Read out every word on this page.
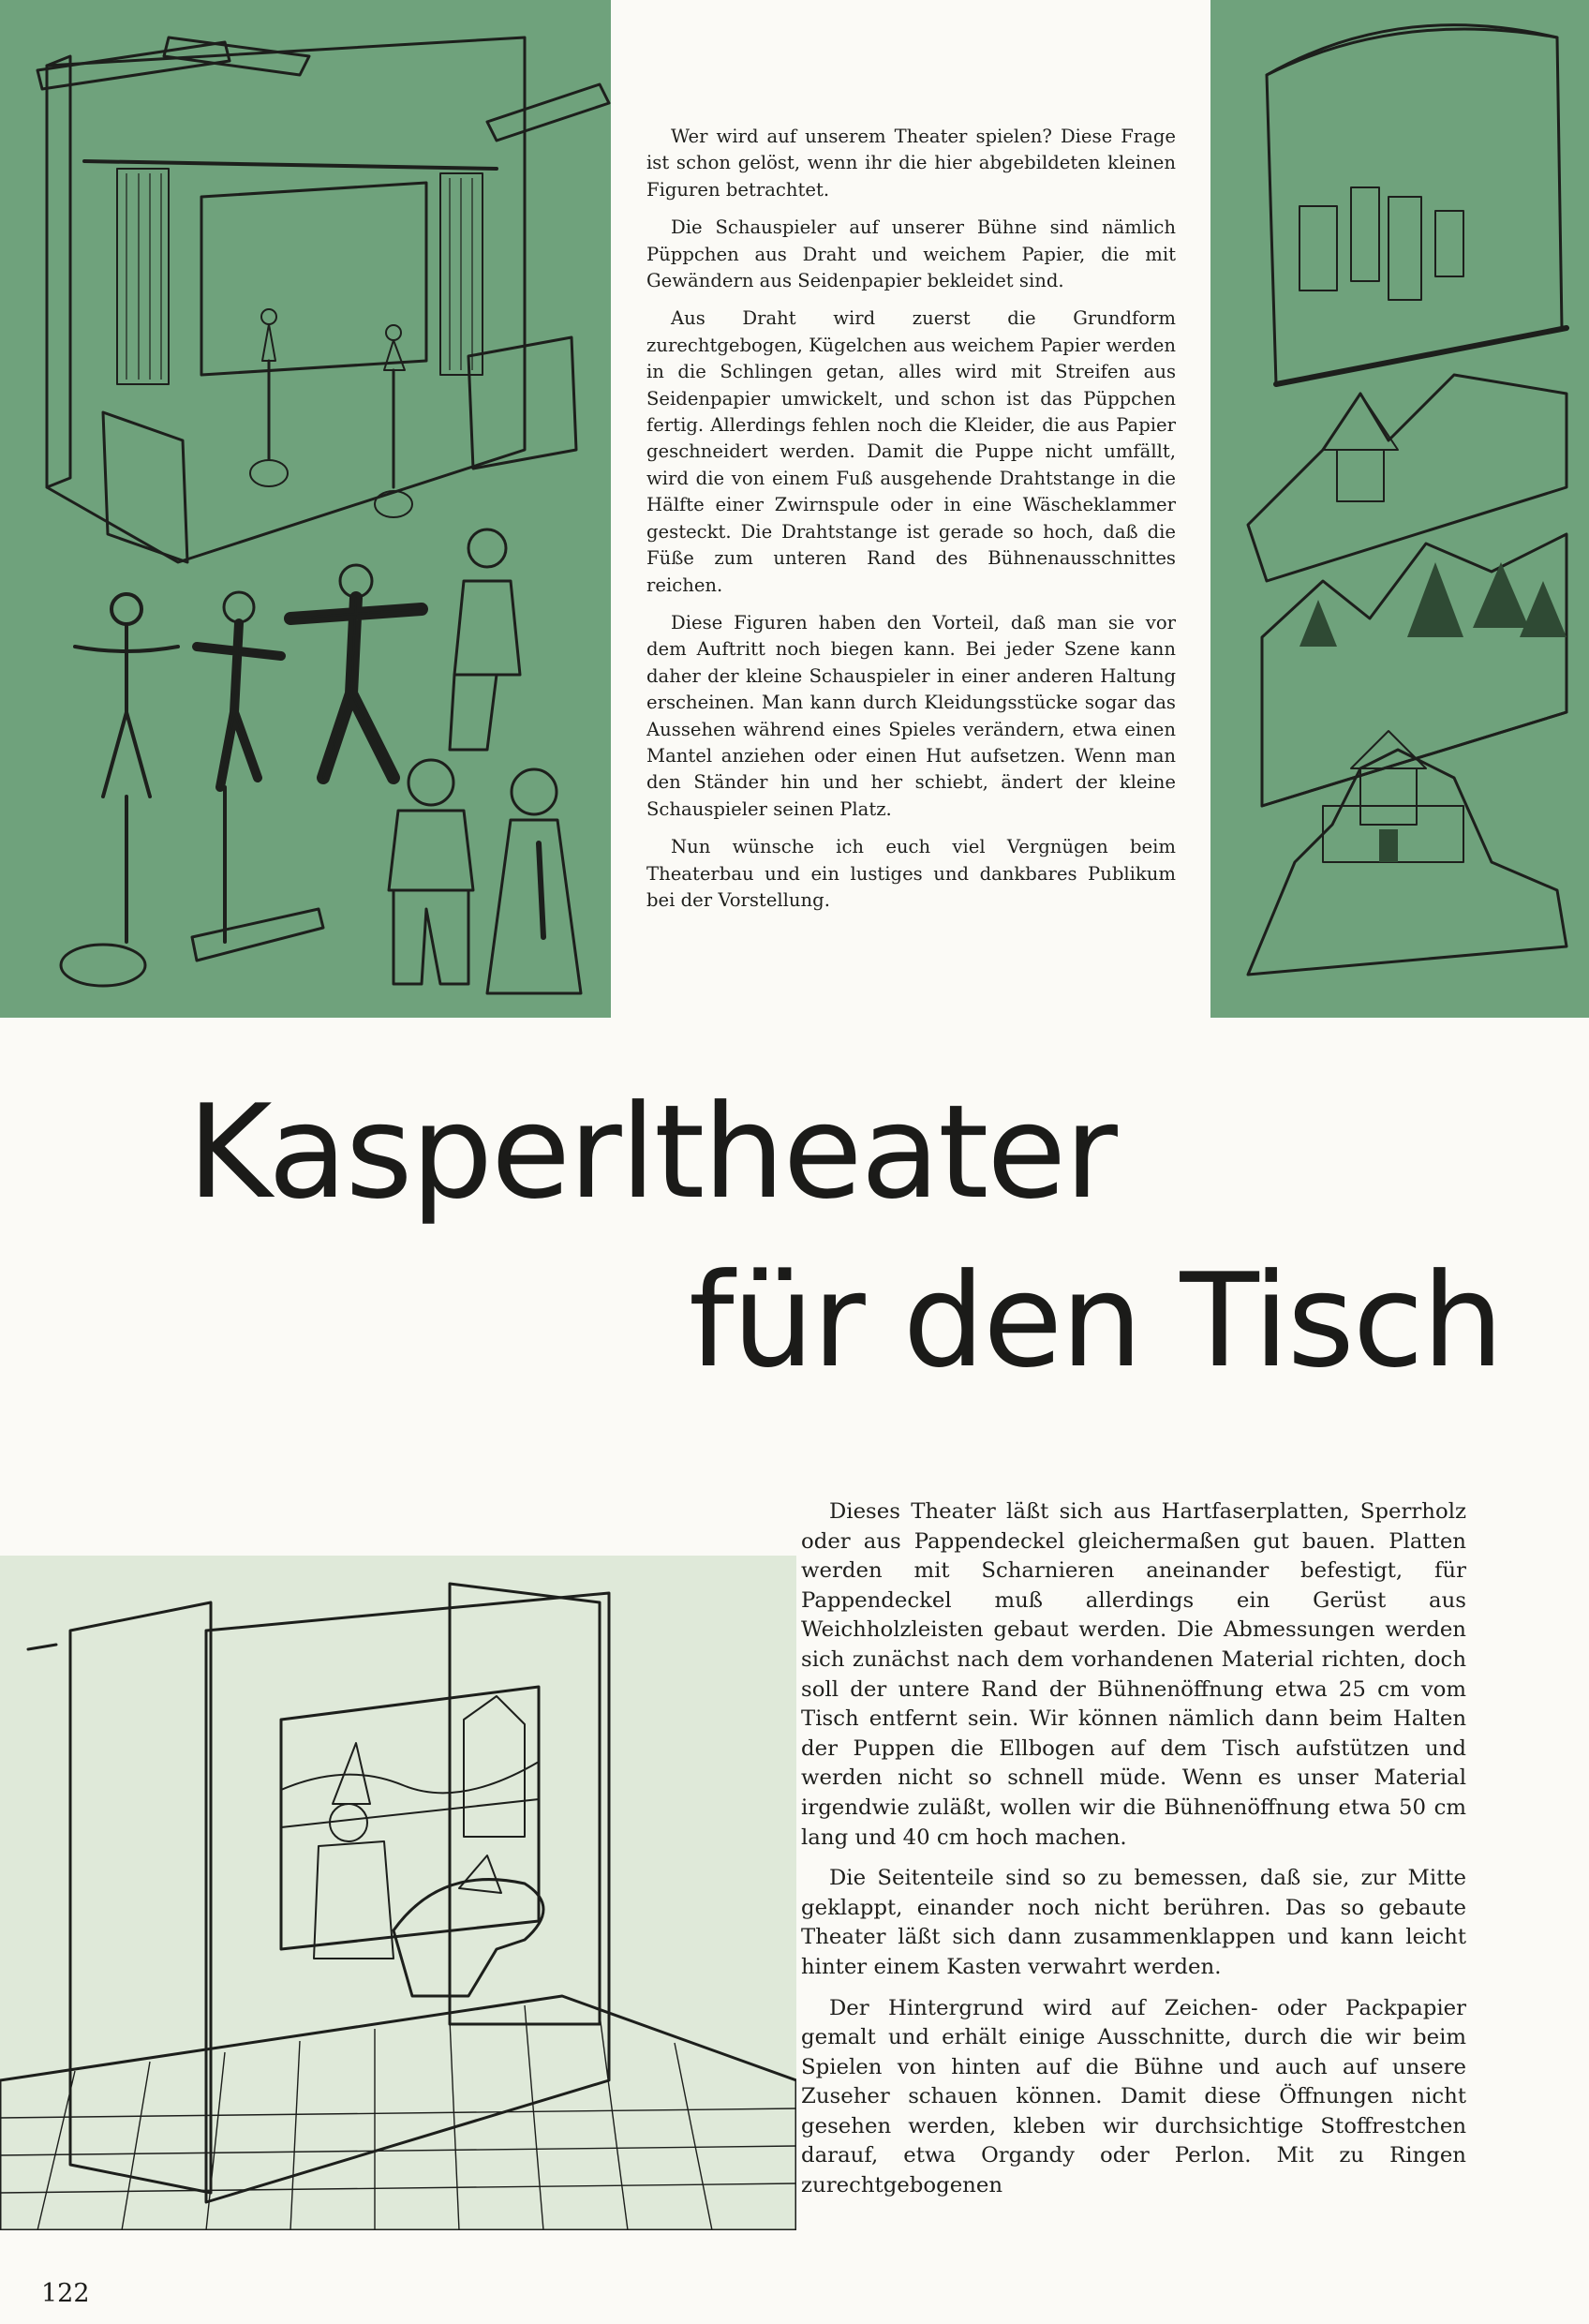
Wer wird auf unserem Theater spielen? Diese Frage ist schon gelöst, wenn ihr die hier abgebildeten kleinen Figuren betrachtet.

Die Schauspieler auf unserer Bühne sind nämlich Püppchen aus Draht und weichem Papier, die mit Gewändern aus Seidenpapier bekleidet sind.

Aus Draht wird zuerst die Grundform zurechtgebogen, Kügelchen aus weichem Papier werden in die Schlingen getan, alles wird mit Streifen aus Seidenpapier umwickelt, und schon ist das Püppchen fertig. Allerdings fehlen noch die Kleider, die aus Papier geschneidert werden. Damit die Puppe nicht umfällt, wird die von einem Fuß ausgehende Drahtstange in die Hälfte einer Zwirnspule oder in eine Wäscheklammer gesteckt. Die Drahtstange ist gerade so hoch, daß die Füße zum unteren Rand des Bühnenausschnittes reichen.

Diese Figuren haben den Vorteil, daß man sie vor dem Auftritt noch biegen kann. Bei jeder Szene kann daher der kleine Schauspieler in einer anderen Haltung erscheinen. Man kann durch Kleidungsstücke sogar das Aussehen während eines Spieles verändern, etwa einen Mantel anziehen oder einen Hut aufsetzen. Wenn man den Ständer hin und her schiebt, ändert der kleine Schauspieler seinen Platz.

Nun wünsche ich euch viel Vergnügen beim Theaterbau und ein lustiges und dankbares Publikum bei der Vorstellung.

Kasperltheater
für den Tisch

Dieses Theater läßt sich aus Hartfaserplatten, Sperrholz oder aus Pappendeckel gleichermaßen gut bauen. Platten werden mit Scharnieren aneinander befestigt, für Pappendeckel muß allerdings ein Gerüst aus Weichholzleisten gebaut werden. Die Abmessungen werden sich zunächst nach dem vorhandenen Material richten, doch soll der untere Rand der Bühnenöffnung etwa 25 cm vom Tisch entfernt sein. Wir können nämlich dann beim Halten der Puppen die Ellbogen auf dem Tisch aufstützen und werden nicht so schnell müde. Wenn es unser Material irgendwie zuläßt, wollen wir die Bühnenöffnung etwa 50 cm lang und 40 cm hoch machen.

Die Seitenteile sind so zu bemessen, daß sie, zur Mitte geklappt, einander noch nicht berühren. Das so gebaute Theater läßt sich dann zusammenklappen und kann leicht hinter einem Kasten verwahrt werden.

Der Hintergrund wird auf Zeichen- oder Packpapier gemalt und erhält einige Ausschnitte, durch die wir beim Spielen von hinten auf die Bühne und auch auf unsere Zuseher schauen können. Damit diese Öffnungen nicht gesehen werden, kleben wir durchsichtige Stoffrestchen darauf, etwa Organdy oder Perlon. Mit zu Ringen zurechtgebogenen

122
